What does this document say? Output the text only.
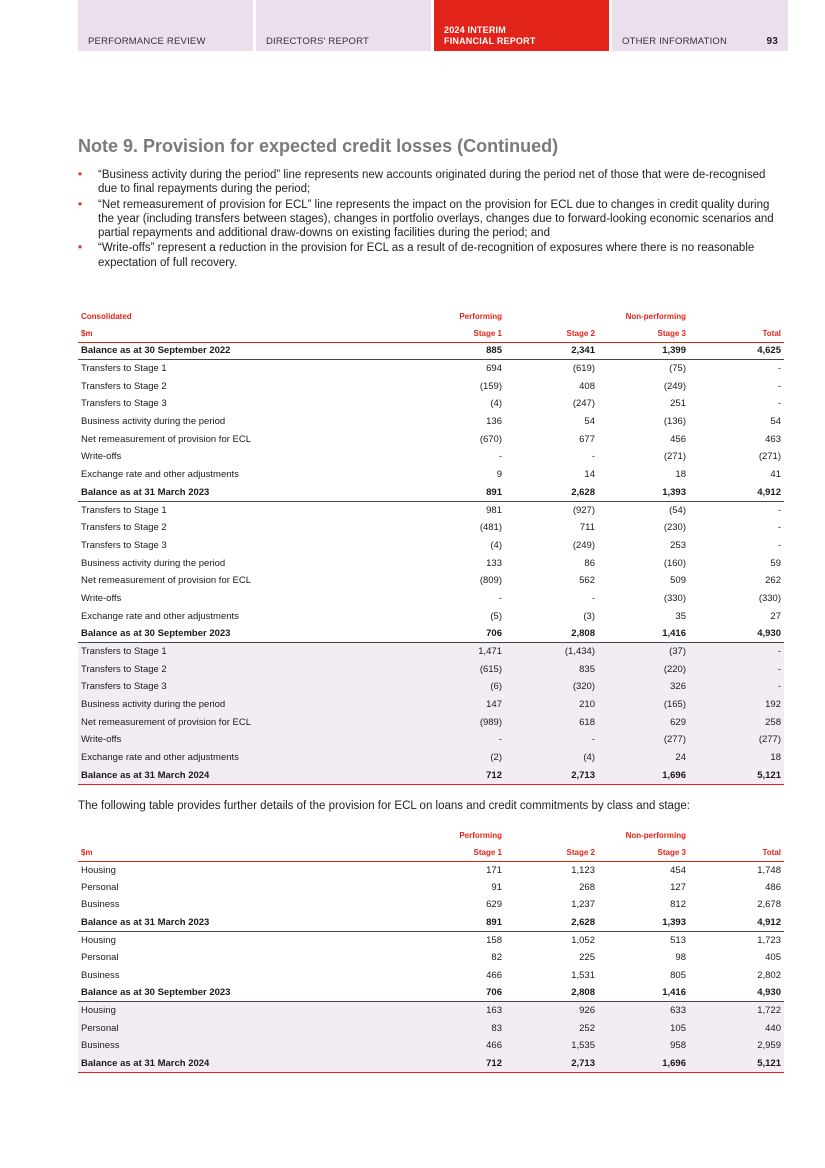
PERFORMANCE REVIEW	DIRECTORS' REPORT
2024 INTERIM
FINANCIAL REPORT	OTHER INFORMATION	93
Note 9. Provision for expected credit losses (Continued)
• “Business activity during the period” line represents new accounts originated during the period net of those that were de-recognised due to final repayments during the period;
• “Net remeasurement of provision for ECL” line represents the impact on the provision for ECL due to changes in credit quality during the year (including transfers between stages), changes in portfolio overlays, changes due to forward-looking economic scenarios and partial repayments and additional draw-downs on existing facilities during the period; and
• “Write-offs” represent a reduction in the provision for ECL as a result of de-recognition of exposures where there is no reasonable expectation of full recovery.
Consolidated	Performing		Non-performing	
$m	Stage 1	Stage 2	Stage 3	Total
Balance as at 30 September 2022	885	2,341	1,399	4,625
Transfers to Stage 1	694	(619)	(75)	-
Transfers to Stage 2	(159)	408	(249)	-
Transfers to Stage 3	(4)	(247)	251	-
Business activity during the period	136	54	(136)	54
Net remeasurement of provision for ECL	(670)	677	456	463
Write-offs	-	-	(271)	(271)
Exchange rate and other adjustments	9	14	18	41
Balance as at 31 March 2023	891	2,628	1,393	4,912
Transfers to Stage 1	981	(927)	(54)	-
Transfers to Stage 2	(481)	711	(230)	-
Transfers to Stage 3	(4)	(249)	253	-
Business activity during the period	133	86	(160)	59
Net remeasurement of provision for ECL	(809)	562	509	262
Write-offs	-	-	(330)	(330)
Exchange rate and other adjustments	(5)	(3)	35	27
Balance as at 30 September 2023	706	2,808	1,416	4,930
Transfers to Stage 1	1,471	(1,434)	(37)	-
Transfers to Stage 2	(615)	835	(220)	-
Transfers to Stage 3	(6)	(320)	326	-
Business activity during the period	147	210	(165)	192
Net remeasurement of provision for ECL	(989)	618	629	258
Write-offs	-	-	(277)	(277)
Exchange rate and other adjustments	(2)	(4)	24	18
Balance as at 31 March 2024	712	2,713	1,696	5,121
The following table provides further details of the provision for ECL on loans and credit commitments by class and stage:
	Performing		Non-performing	
$m	Stage 1	Stage 2	Stage 3	Total
Housing	171	1,123	454	1,748
Personal	91	268	127	486
Business	629	1,237	812	2,678
Balance as at 31 March 2023	891	2,628	1,393	4,912
Housing	158	1,052	513	1,723
Personal	82	225	98	405
Business	466	1,531	805	2,802
Balance as at 30 September 2023	706	2,808	1,416	4,930
Housing	163	926	633	1,722
Personal	83	252	105	440
Business	466	1,535	958	2,959
Balance as at 31 March 2024	712	2,713	1,696	5,121
